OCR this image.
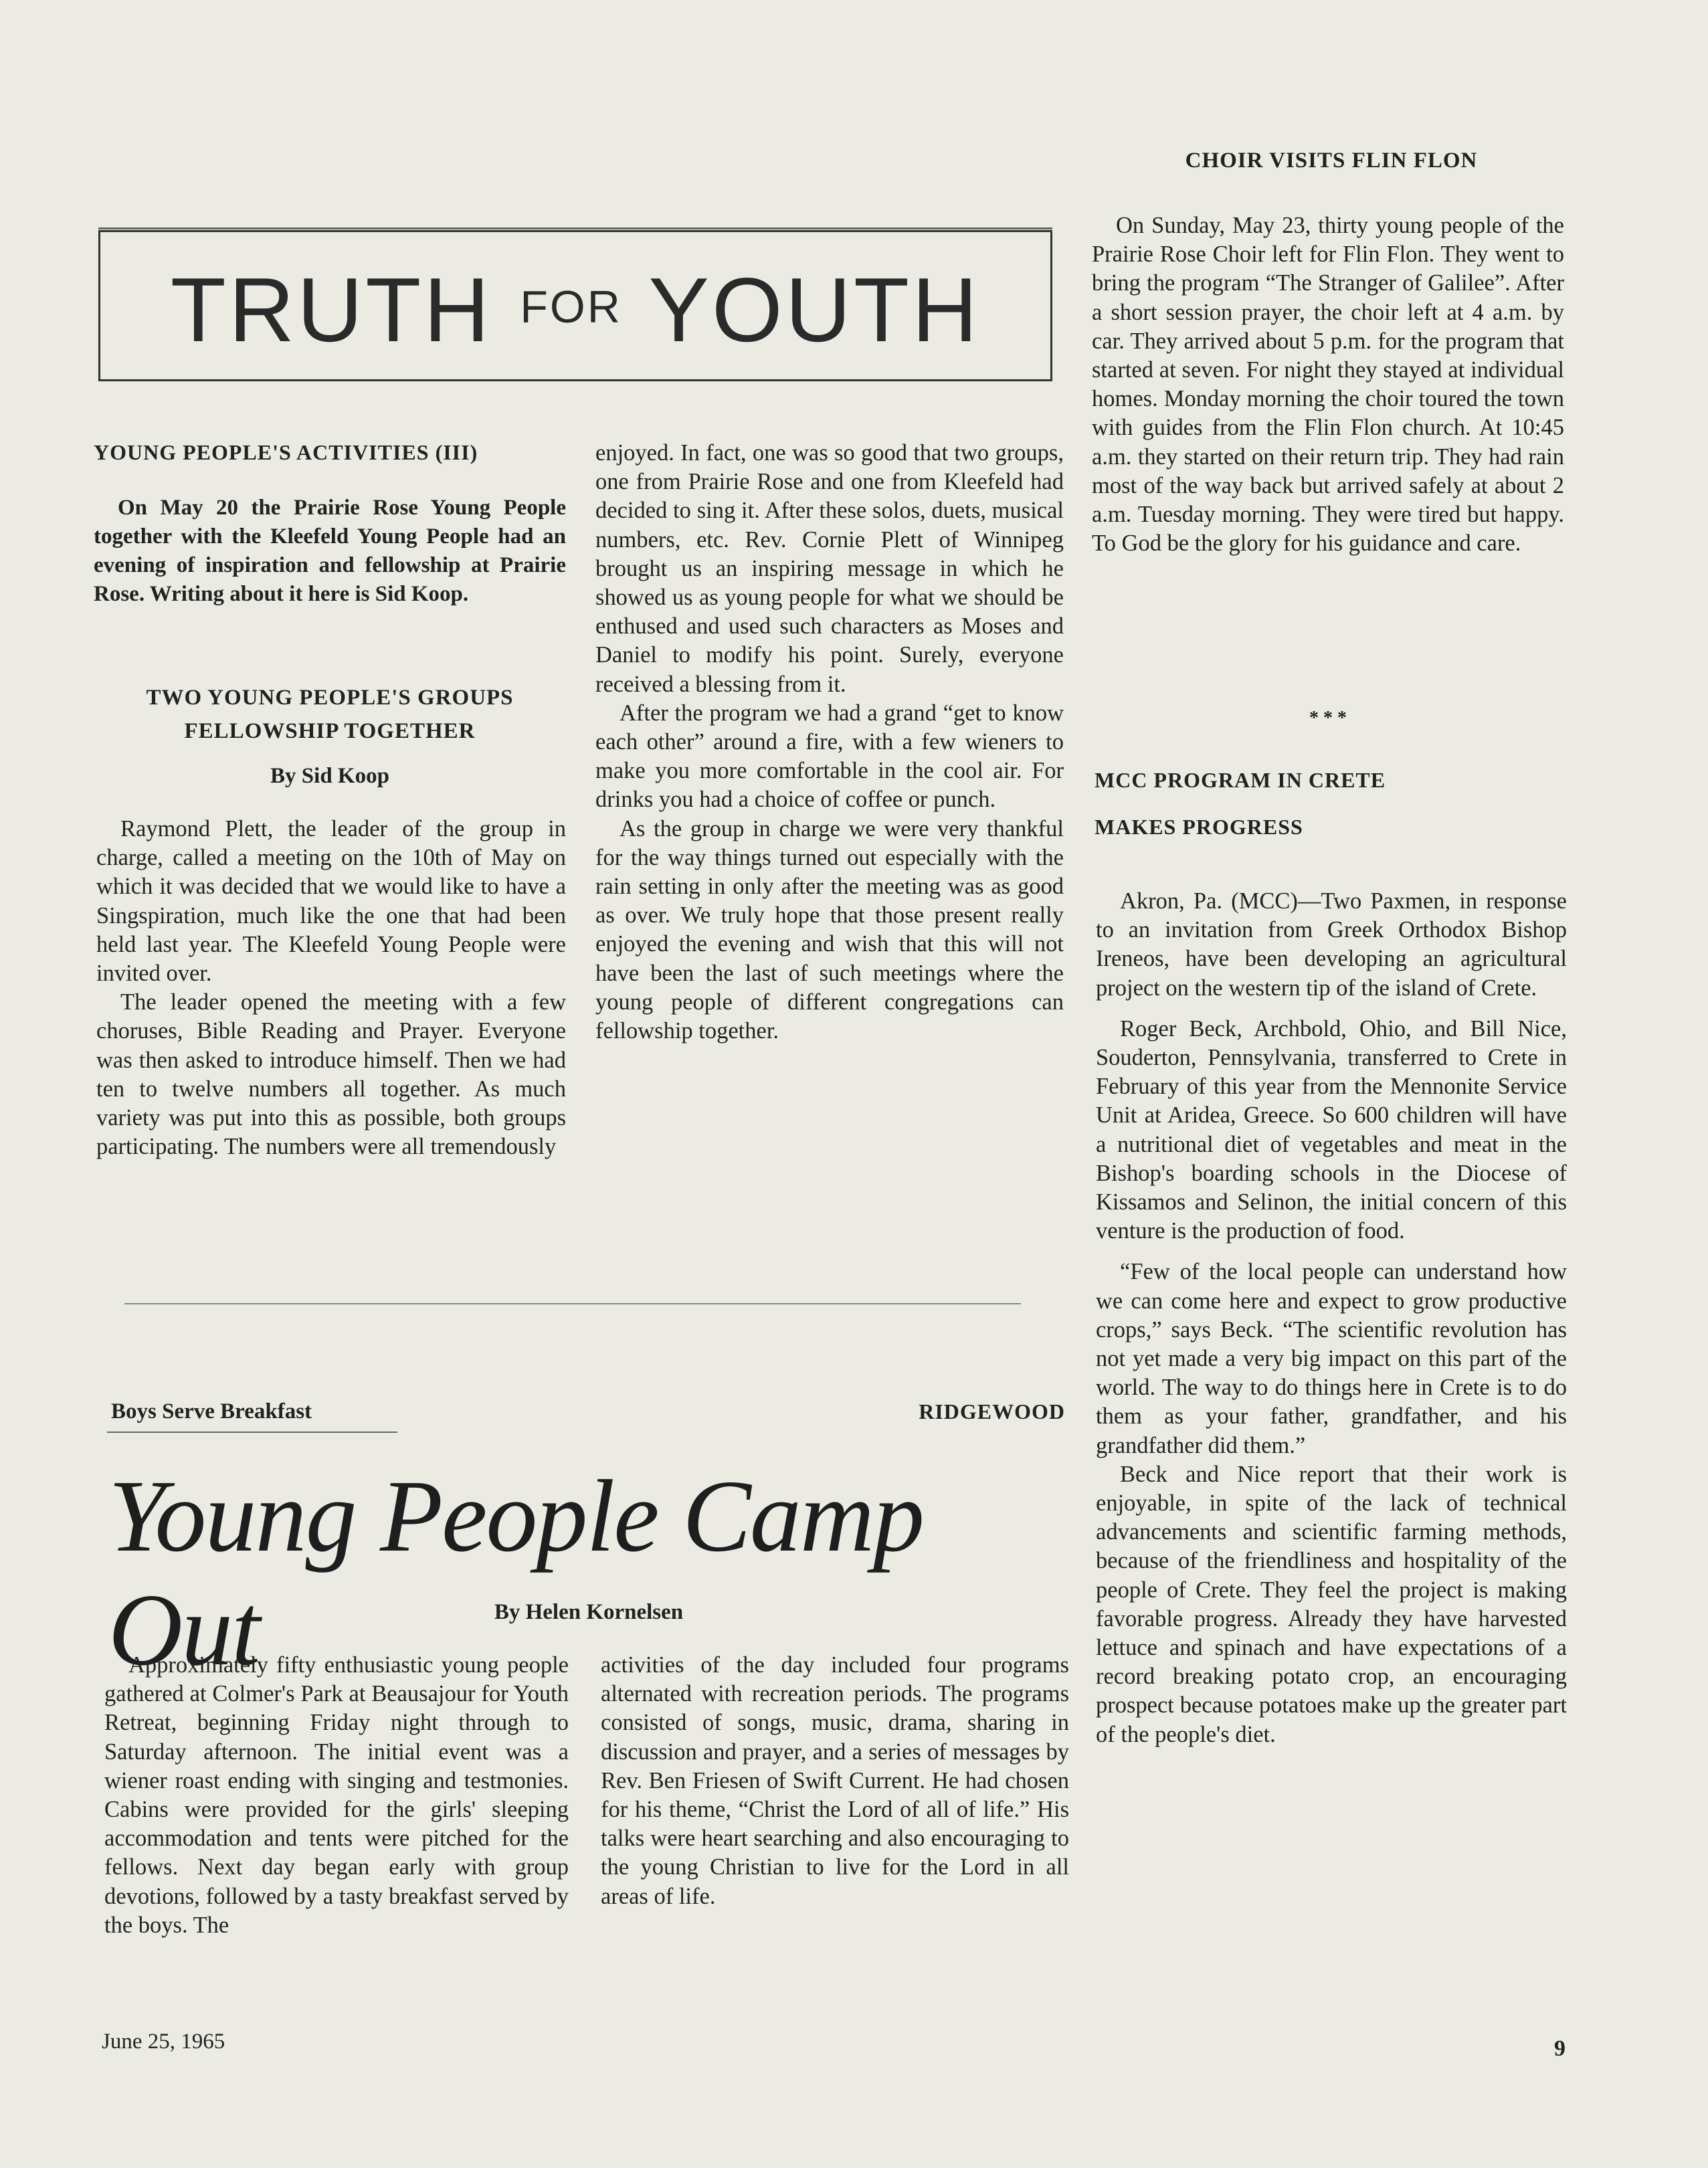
CHOIR VISITS FLIN FLON

On Sunday, May 23, thirty young people of the Prairie Rose Choir left for Flin Flon. They went to bring the program “The Stranger of Galilee”. After a short session prayer, the choir left at 4 a.m. by car. They arrived about 5 p.m. for the program that started at seven. For night they stayed at individual homes. Monday morning the choir toured the town with guides from the Flin Flon church. At 10:45 a.m. they started on their return trip. They had rain most of the way back but arrived safely at about 2 a.m. Tuesday morning. They were tired but happy. To God be the glory for his guidance and care.

* * *
TRUTH $^{FOR}$ YOUTH
YOUNG PEOPLE'S ACTIVITIES (III)
On May 20 the Prairie Rose Young People together with the Kleefeld Young People had an evening of inspiration and fellowship at Prairie Rose. Writing about it here is Sid Koop.
TWO YOUNG PEOPLE'S GROUPS FELLOWSHIP TOGETHER
By Sid Koop

Raymond Plett, the leader of the group in charge, called a meeting on the 10th of May on which it was decided that we would like to have a Singspiration, much like the one that had been held last year. The Kleefeld Young People were invited over.

The leader opened the meeting with a few choruses, Bible Reading and Prayer. Everyone was then asked to introduce himself. Then we had ten to twelve numbers all together. As much variety was put into this as possible, both groups participating. The numbers were all tremendously

enjoyed. In fact, one was so good that two groups, one from Prairie Rose and one from Kleefeld had decided to sing it. After these solos, duets, musical numbers, etc. Rev. Cornie Plett of Winnipeg brought us an inspiring message in which he showed us as young people for what we should be enthused and used such characters as Moses and Daniel to modify his point. Surely, everyone received a blessing from it.

After the program we had a grand “get to know each other” around a fire, with a few wieners to make you more comfortable in the cool air. For drinks you had a choice of coffee or punch.

As the group in charge we were very thankful for the way things turned out especially with the rain setting in only after the meeting was as good as over. We truly hope that those present really enjoyed the evening and wish that this will not have been the last of such meetings where the young people of different congregations can fellowship together.

MCC PROGRAM IN CRETE
MAKES PROGRESS

Akron, Pa. (MCC)—Two Paxmen, in response to an invitation from Greek Orthodox Bishop Ireneos, have been developing an agricultural project on the western tip of the island of Crete.

Roger Beck, Archbold, Ohio, and Bill Nice, Souderton, Pennsylvania, transferred to Crete in February of this year from the Mennonite Service Unit at Aridea, Greece. So 600 children will have a nutritional diet of vegetables and meat in the Bishop's boarding schools in the Diocese of Kissamos and Selinon, the initial concern of this venture is the production of food.

“Few of the local people can understand how we can come here and expect to grow productive crops,” says Beck. “The scientific revolution has not yet made a very big impact on this part of the world. The way to do things here in Crete is to do them as your father, grandfather, and his grandfather did them.”

Beck and Nice report that their work is enjoyable, in spite of the lack of technical advancements and scientific farming methods, because of the friendliness and hospitality of the people of Crete. They feel the project is making favorable progress. Already they have harvested lettuce and spinach and have expectations of a record breaking potato crop, an encouraging prospect because potatoes make up the greater part of the people's diet.

Boys Serve Breakfast	RIDGEWOOD
Young People Camp Out	By Helen Kornelsen

Approximately fifty enthusiastic young people gathered at Colmer's Park at Beausajour for Youth Retreat, beginning Friday night through to Saturday afternoon. The initial event was a wiener roast ending with singing and testmonies. Cabins were provided for the girls' sleeping accommodation and tents were pitched for the fellows. Next day began early with group devotions, followed by a tasty breakfast served by the boys. The

activities of the day included four programs alternated with recreation periods. The programs consisted of songs, music, drama, sharing in discussion and prayer, and a series of messages by Rev. Ben Friesen of Swift Current. He had chosen for his theme, “Christ the Lord of all of life.” His talks were heart searching and also encouraging to the young Christian to live for the Lord in all areas of life.

June 25, 1965	9
